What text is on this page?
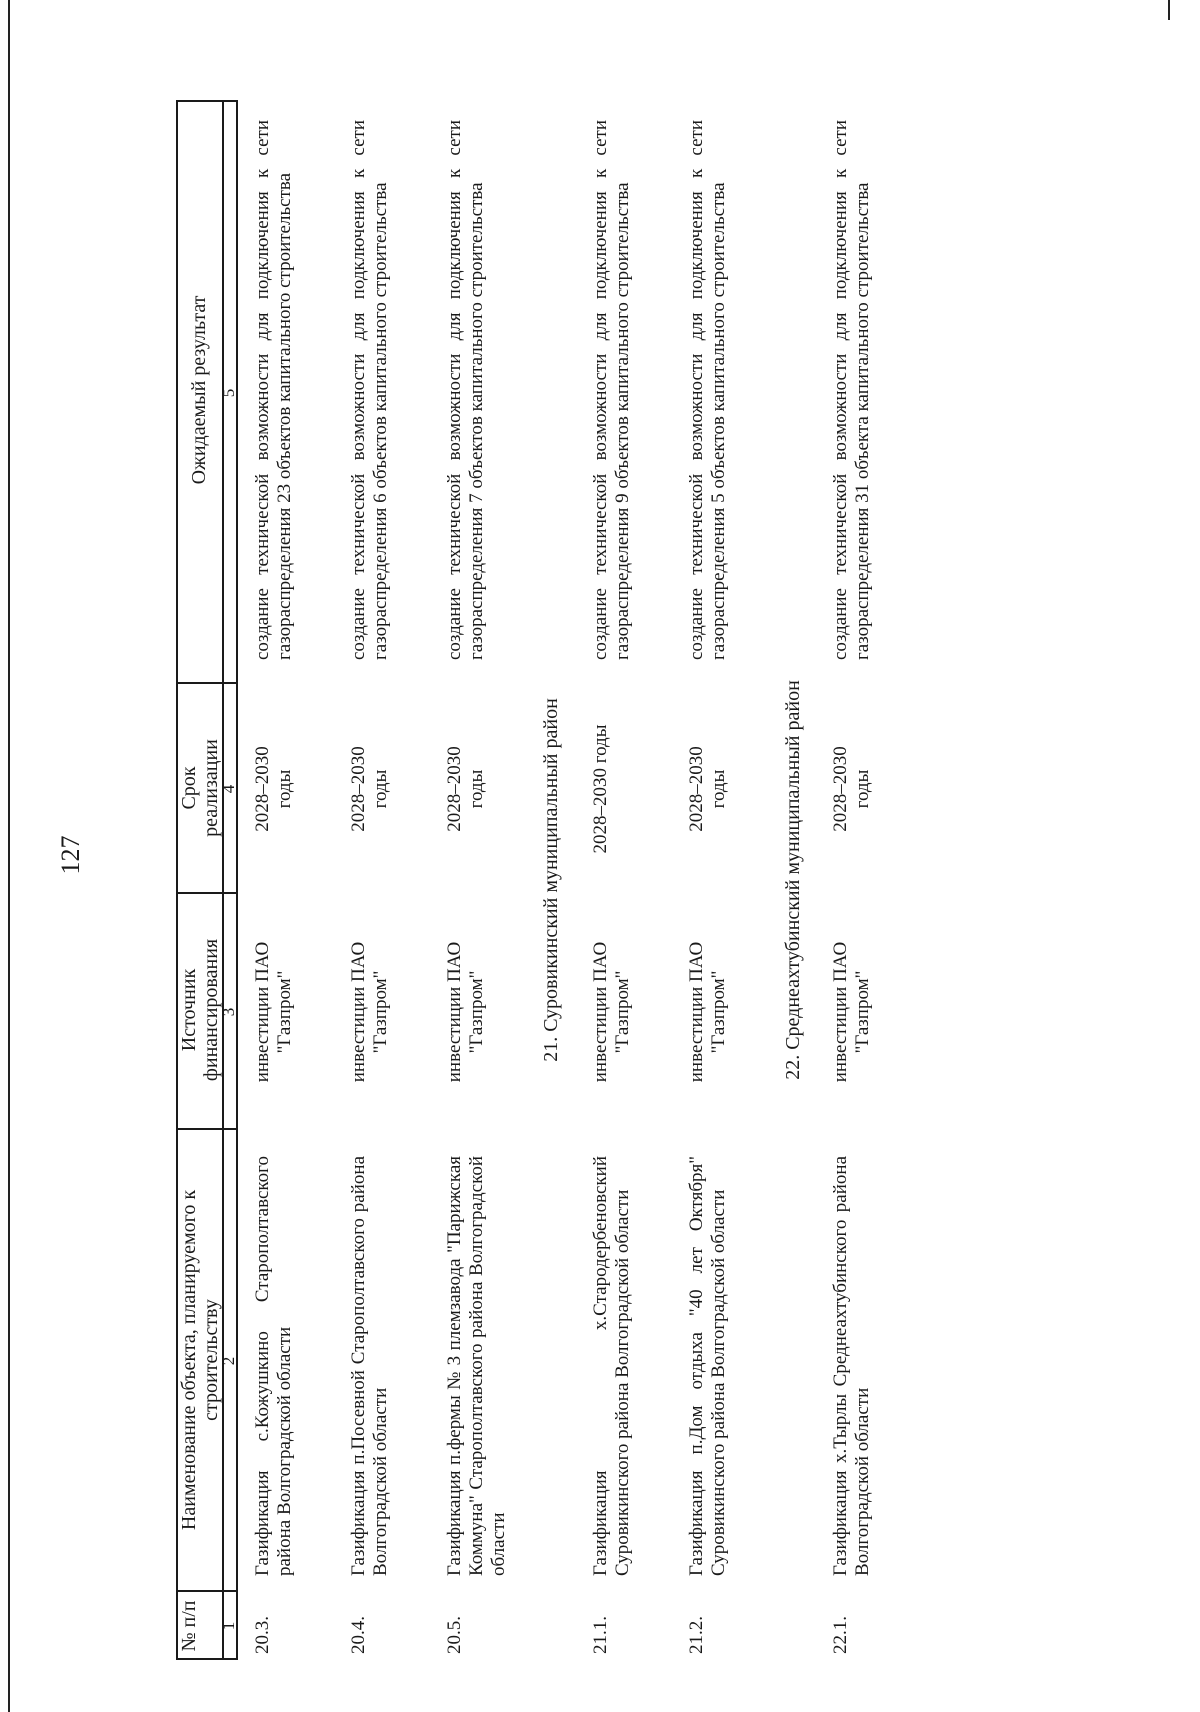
127
№ п/п
Наименование объекта, планируемого к строительству
Источник финансирования
Срок реализации
Ожидаемый результат
1
2
3
4
5
20.3.
Газификация с.Кожушкино Старополтавского района Волгоградской области
инвестиции ПАО "Газпром"
2028–2030 годы
создание технической возможности для подключения к сети газораспределения 23 объектов капитального строительства
20.4.
Газификация п.Посевной Старополтавского района Волгоградской области
инвестиции ПАО "Газпром"
2028–2030 годы
создание технической возможности для подключения к сети газораспределения 6 объектов капитального строительства
20.5.
Газификация п.фермы № 3 племзавода "Парижская Коммуна" Старополтавского района Волгоградской области
инвестиции ПАО "Газпром"
2028–2030 годы
создание технической возможности для подключения к сети газораспределения 7 объектов капитального строительства
21. Суровикинский муниципальный район
21.1.
Газификация х.Стародербеновский Суровикинского района Волгоградской области
инвестиции ПАО "Газпром"
2028–2030 годы
создание технической возможности для подключения к сети газораспределения 9 объектов капитального строительства
21.2.
Газификация п.Дом отдыха "40 лет Октября" Суровикинского района Волгоградской области
инвестиции ПАО "Газпром"
2028–2030 годы
создание технической возможности для подключения к сети газораспределения 5 объектов капитального строительства
22. Среднеахтубинский муниципальный район
22.1.
Газификация х.Тырлы Среднеахтубинского района Волгоградской области
инвестиции ПАО "Газпром"
2028–2030 годы
создание технической возможности для подключения к сети газораспределения 31 объекта капитального строительства
